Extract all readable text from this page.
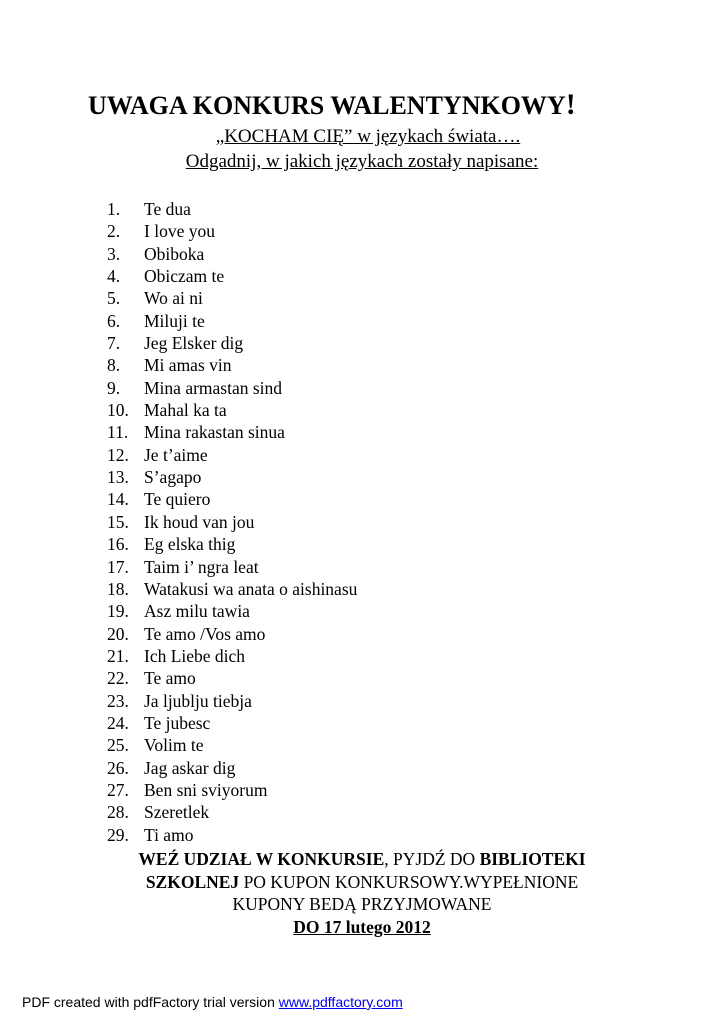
UWAGA KONKURS WALENTYNKOWY!
„KOCHAM CIĘ” w językach świata….
Odgadnij, w jakich językach zostały napisane:
1.	Te dua
2.	I love you
3.	Obiboka
4.	Obiczam te
5.	Wo ai ni
6.	Miluji te
7.	Jeg Elsker dig
8.	Mi amas vin
9.	Mina armastan sind
10. Mahal ka ta
11. Mina rakastan sinua
12. Je t’aime
13. S’agapo
14. Te quiero
15. Ik houd van jou
16. Eg elska thig
17. Taim i’ ngra leat
18. Watakusi wa anata o aishinasu
19. Asz milu tawia
20. Te amo /Vos amo
21. Ich Liebe dich
22. Te amo
23. Ja ljublju tiebja
24. Te jubesc
25. Volim te
26. Jag askar dig
27. Ben sni sviyorum
28. Szeretlek
29. Ti amo
WEŹ UDZIAŁ W KONKURSIE, PYJDŹ DO BIBLIOTEKI
SZKOLNEJ PO KUPON KONKURSOWY.WYPEŁNIONE
KUPONY BEDĄ PRZYJMOWANE
DO 17 lutego 2012
PDF created with pdfFactory trial version www.pdffactory.com
